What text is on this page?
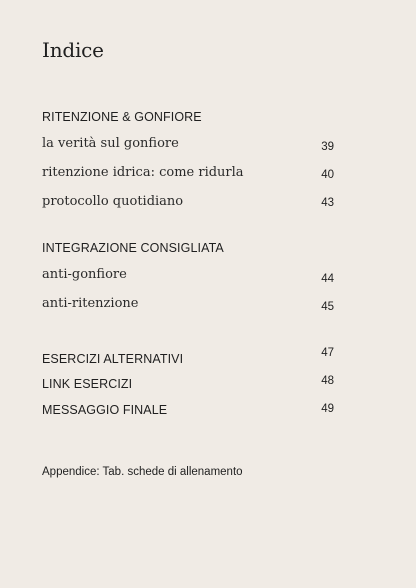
Indice
RITENZIONE & GONFIORE
la verità sul gonfiore	39
ritenzione idrica: come ridurla	40
protocollo quotidiano	43
INTEGRAZIONE CONSIGLIATA
anti-gonfiore	44
anti-ritenzione	45
ESERCIZI ALTERNATIVI	47
LINK ESERCIZI	48
MESSAGGIO FINALE	49
Appendice: Tab. schede di allenamento
